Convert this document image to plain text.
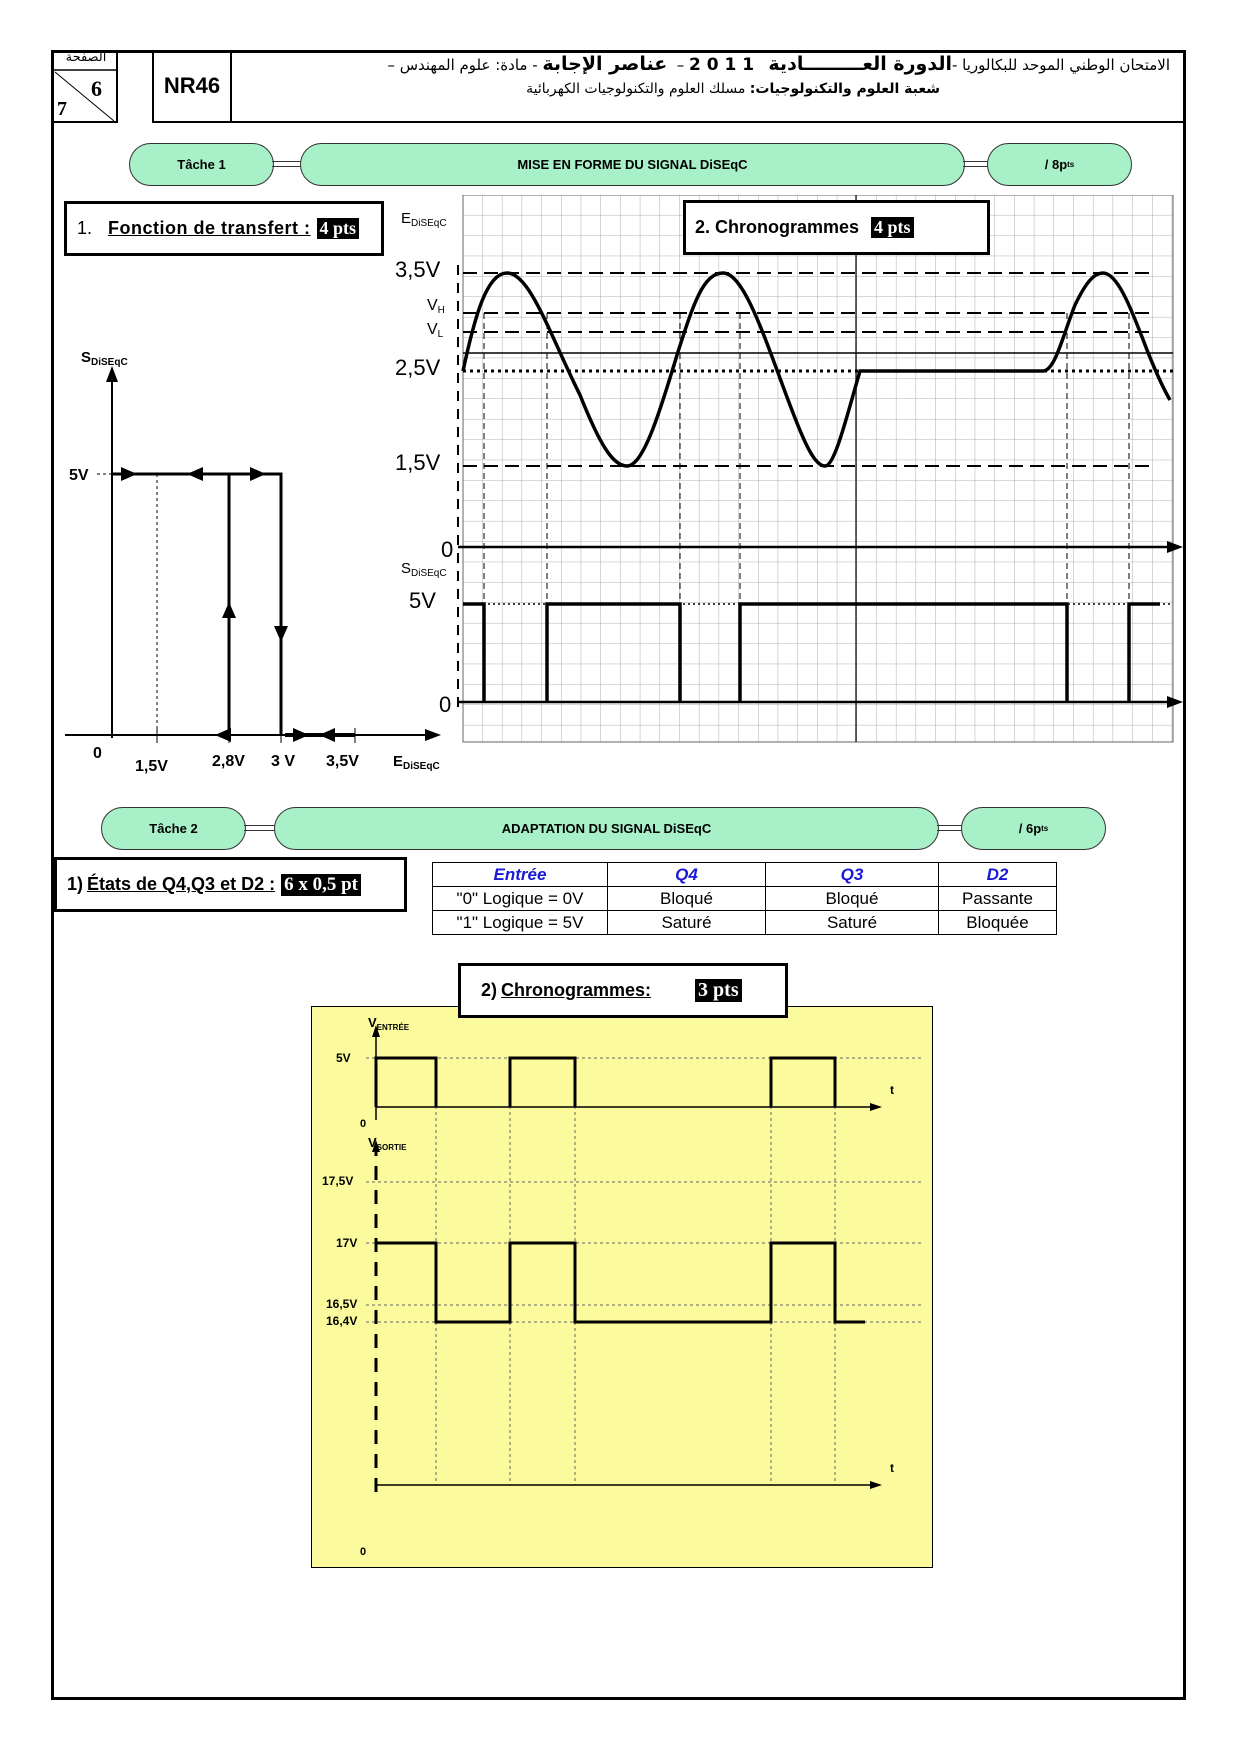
الصفحة
6
7
NR46
الامتحان الوطني الموحد للبكالوريا -الدورة العـــــــــادية   2 0 1 1 –  عناصر الإجابة - مادة: علوم المهندس –
شعبة العلوم والتكنولوجيات: مسلك العلوم والتكنولوجيات الكهربائية
Tâche 1	MISE EN FORME DU SIGNAL DiSEqC	/ 8p ts
1. Fonction de transfert : 4 pts
$S_{DiSEqC}$
5V
0
1,5V	2,8V 3 V 3,5V $E_{DiSEqC}$
$E_{DiSEqC}$
3,5V
VH
VL
2,5V
1,5V
0
$S_{DiSEqC}$
5V
0
2. Chronogrammes 4 pts
Tâche 2	ADAPTATION DU SIGNAL DiSEqC	/ 6p ts
1) États de Q4,Q3 et D2 : 6 x 0,5 pt	Entrée	Q4	Q3	D2
"0" Logique = 0V	Bloqué	Bloqué	Passante
"1" Logique = 5V	Saturé	Saturé	Bloquée
2) Chronogrammes: 3 pts
$V_{ENTRÉE}$
5V
0
t
$V_{SORTIE}$
17,5V
17V
16,5V
16,4V
0
t
